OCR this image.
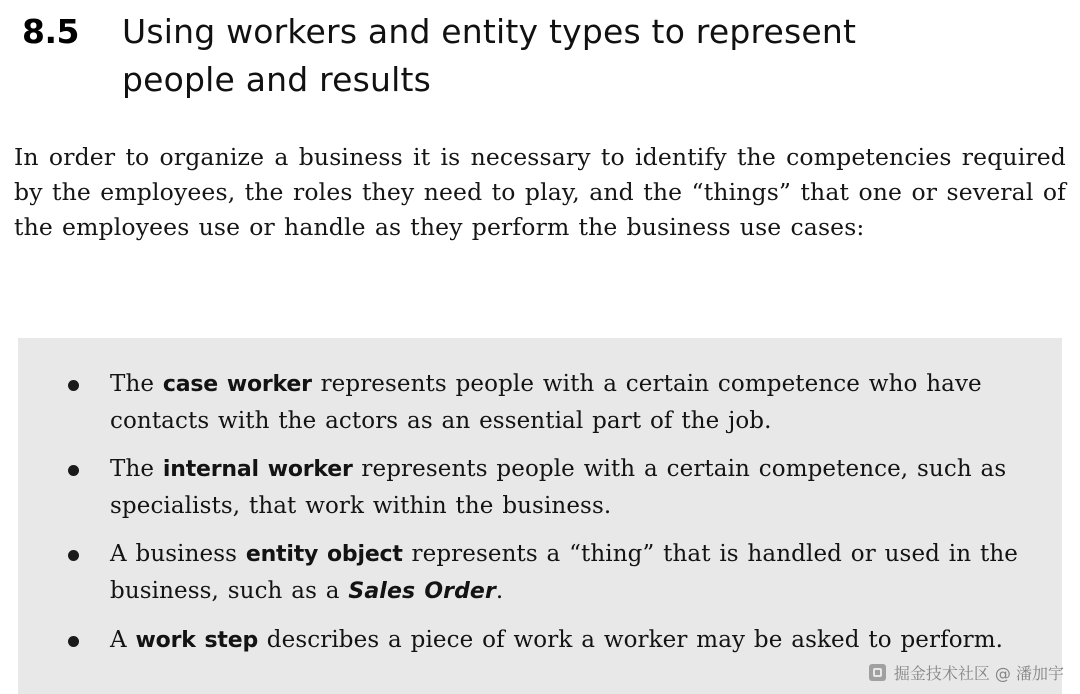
8.5	Using workers and entity types to represent people and results

In order to organize a business it is necessary to identify the competencies required by the employees, the roles they need to play, and the “things” that one or several of the employees use or handle as they perform the business use cases:

The case worker represents people with a certain competence who have contacts with the actors as an essential part of the job.
The internal worker represents people with a certain competence, such as specialists, that work within the business.
A business entity object represents a “thing” that is handled or used in the business, such as a Sales Order.
A work step describes a piece of work a worker may be asked to perform.
掘金技术社区 @ 潘加宇
